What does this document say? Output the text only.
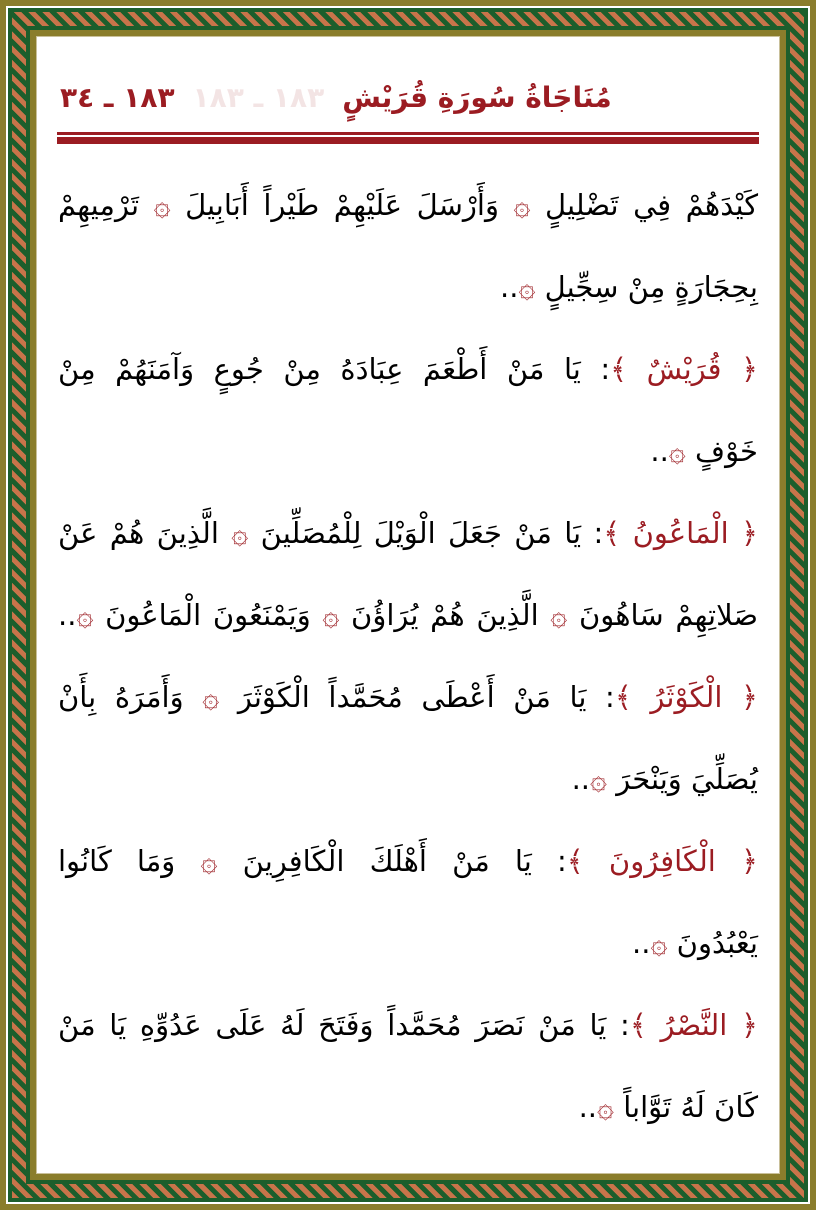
١٨٣ ـ ٣٤ ١٨٣ ـ ١٨٣ مُنَاجَاةُ سُورَةِ قُرَيْشٍ
كَيْدَهُمْ فِي تَضْلِيلٍ ۞ وَأَرْسَلَ عَلَيْهِمْ طَيْراً أَبَابِيلَ ۞ تَرْمِيهِمْ
بِحِجَارَةٍ مِنْ سِجِّيلٍ ۞..
﴿ قُرَيْشٌ ﴾: يَا مَنْ أَطْعَمَ عِبَادَهُ مِنْ جُوعٍ وَآمَنَهُمْ مِنْ
خَوْفٍ ۞..
﴿ الْمَاعُونُ ﴾: يَا مَنْ جَعَلَ الْوَيْلَ لِلْمُصَلِّينَ ۞ الَّذِينَ هُمْ عَنْ
صَلاتِهِمْ سَاهُونَ ۞ الَّذِينَ هُمْ يُرَاؤُنَ ۞ وَيَمْنَعُونَ الْمَاعُونَ ۞..
﴿ الْكَوْثَرُ ﴾: يَا مَنْ أَعْطَى مُحَمَّداً الْكَوْثَرَ ۞ وَأَمَرَهُ بِأَنْ
يُصَلِّيَ وَيَنْحَرَ ۞..
﴿ الْكَافِرُونَ ﴾: يَا مَنْ أَهْلَكَ الْكَافِرِينَ ۞ وَمَا كَانُوا
يَعْبُدُونَ ۞..
﴿ النَّصْرُ ﴾: يَا مَنْ نَصَرَ مُحَمَّداً وَفَتَحَ لَهُ عَلَى عَدُوِّهِ يَا مَنْ
كَانَ لَهُ تَوَّاباً ۞..
